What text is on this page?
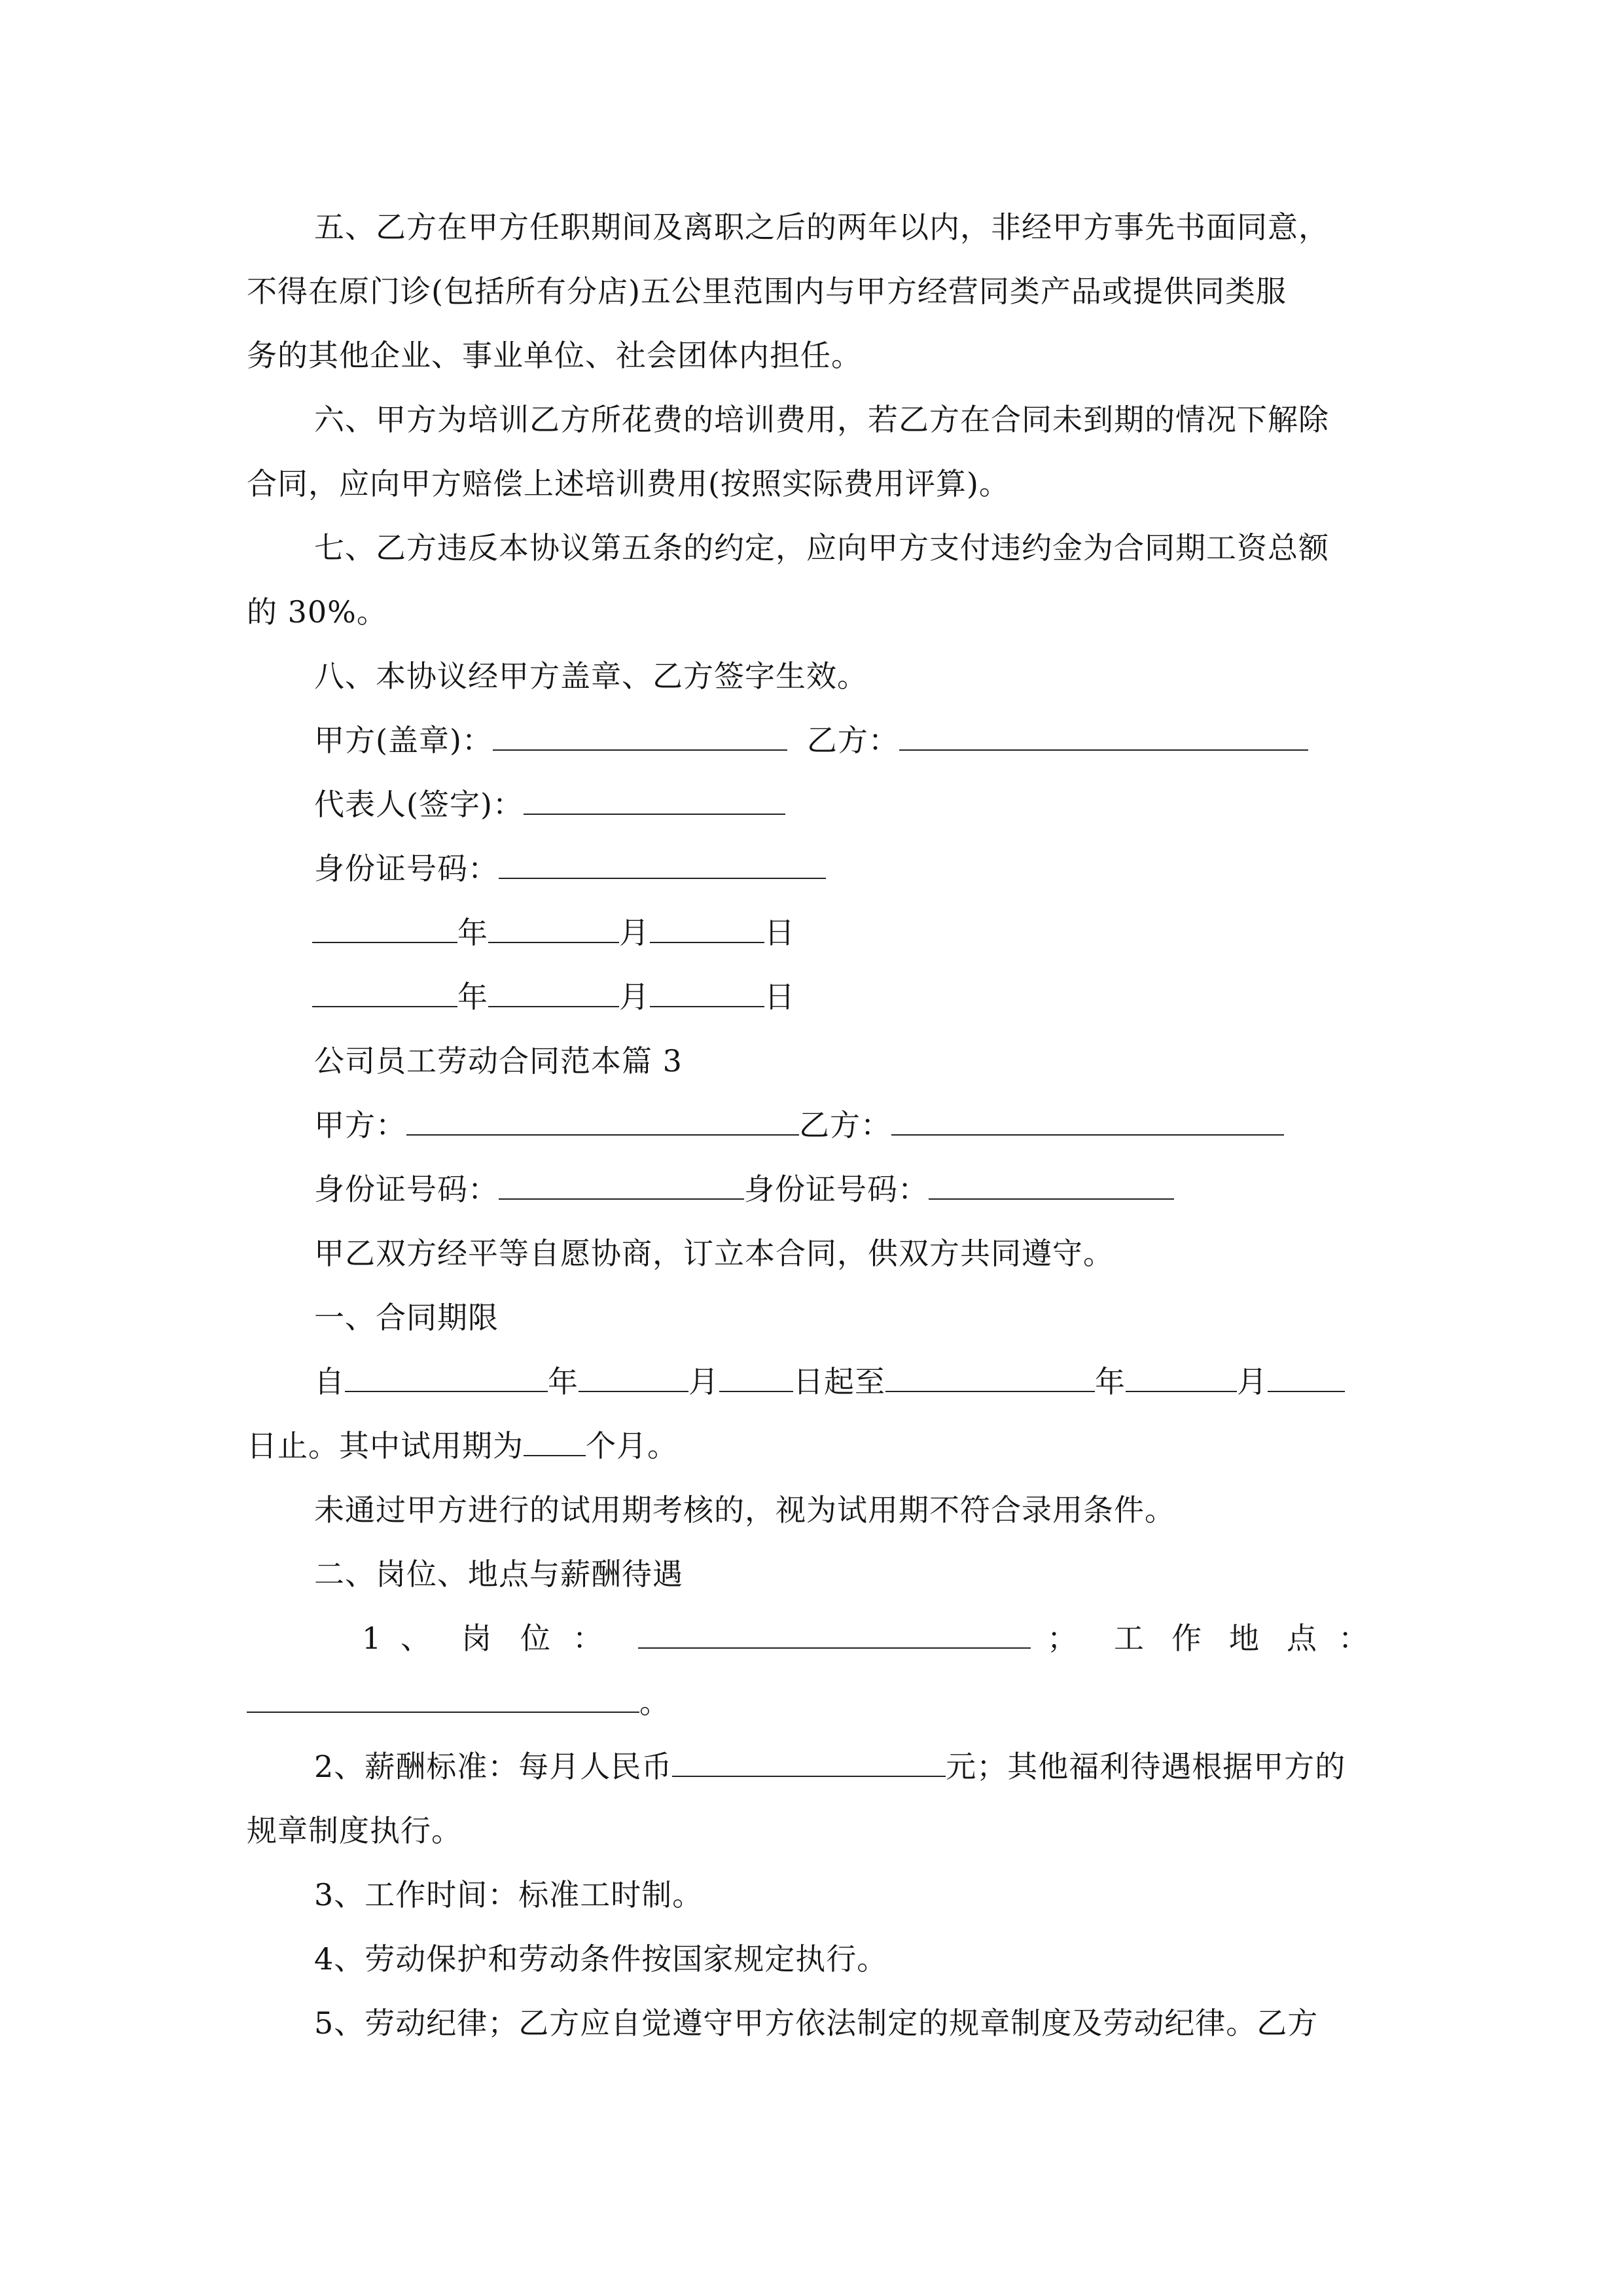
五、乙方在甲方任职期间及离职之后的两年以内，非经甲方事先书面同意，
不得在原门诊(包括所有分店)五公里范围内与甲方经营同类产品或提供同类服
务的其他企业、事业单位、社会团体内担任。
六、甲方为培训乙方所花费的培训费用，若乙方在合同未到期的情况下解除
合同，应向甲方赔偿上述培训费用(按照实际费用评算)。
七、乙方违反本协议第五条的约定，应向甲方支付违约金为合同期工资总额
的 30%。
八、本协议经甲方盖章、乙方签字生效。
甲方(盖章)：	乙方：
代表人(签字)：
身份证号码：
年	月	日
年	月	日
公司员工劳动合同范本篇 3
甲方：	乙方：
身份证号码：	身份证号码：
甲乙双方经平等自愿协商，订立本合同，供双方共同遵守。
一、合同期限
自	年	月 日起至	年	月
日止。其中试用期为 个月。
未通过甲方进行的试用期考核的，视为试用期不符合录用条件。
二、岗位、地点与薪酬待遇
1 、 岗 位 ：	； 工 作 地 点 ：
。
2、薪酬标准：每月人民币	元；其他福利待遇根据甲方的
规章制度执行。
3、工作时间：标准工时制。
4、劳动保护和劳动条件按国家规定执行。
5、劳动纪律；乙方应自觉遵守甲方依法制定的规章制度及劳动纪律。乙方
